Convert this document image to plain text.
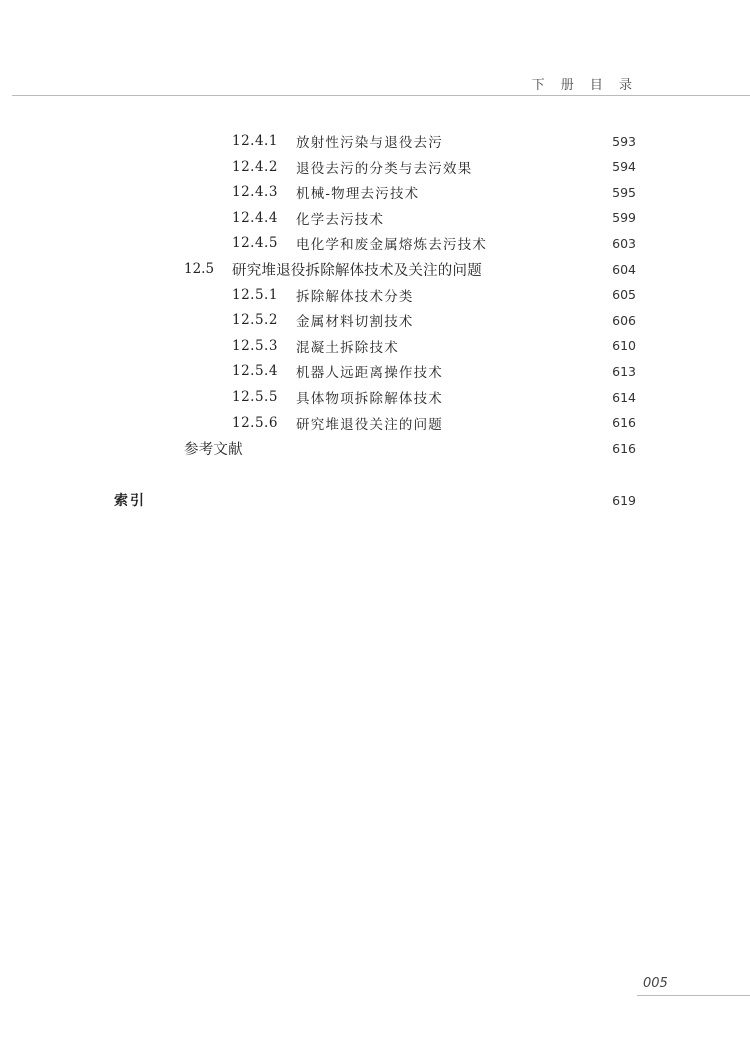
下 册 目 录
12.4.1	放射性污染与退役去污	593
12.4.2	退役去污的分类与去污效果	594
12.4.3	机械-物理去污技术	595
12.4.4	化学去污技术	599
12.4.5	电化学和废金属熔炼去污技术	603
12.5	研究堆退役拆除解体技术及关注的问题	604
12.5.1	拆除解体技术分类	605
12.5.2	金属材料切割技术	606
12.5.3	混凝土拆除技术	610
12.5.4	机器人远距离操作技术	613
12.5.5	具体物项拆除解体技术	614
12.5.6	研究堆退役关注的问题	616
参考文献	616
索引	619
005
